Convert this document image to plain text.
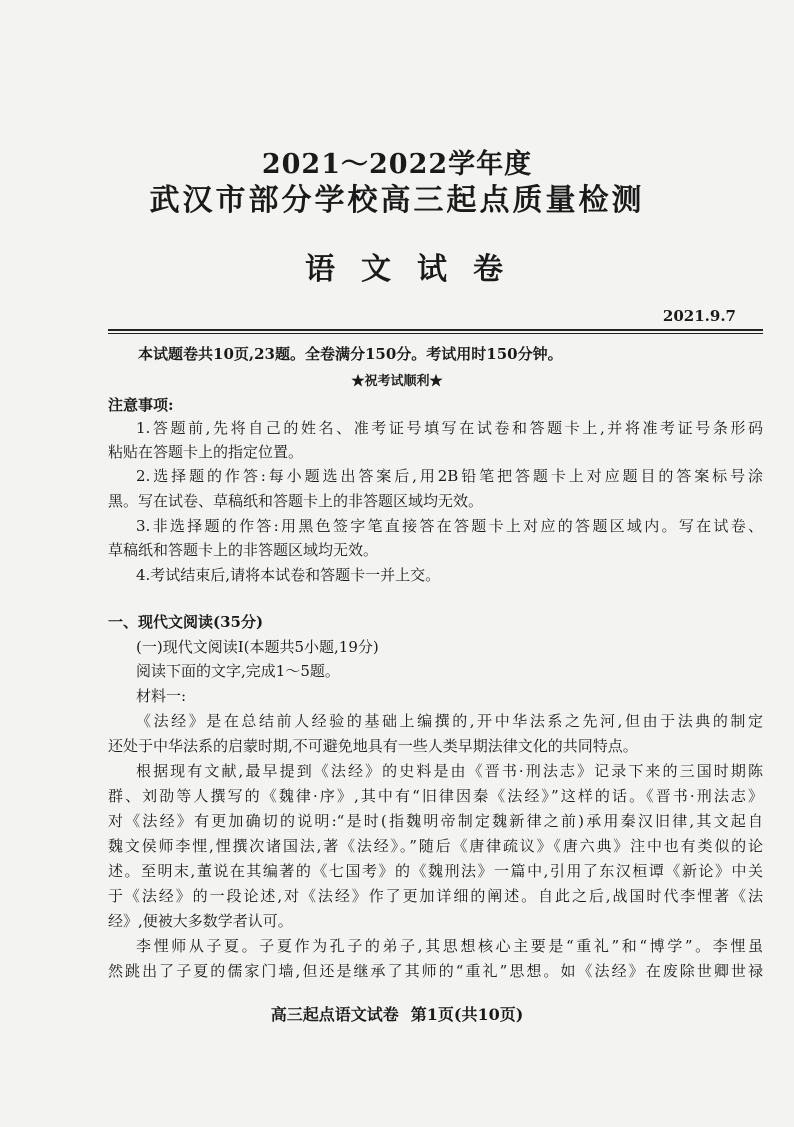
2021～2022学年度
武汉市部分学校高三起点质量检测
语文试卷
2021.9.7
本试题卷共10页,23题。全卷满分150分。考试用时150分钟。
★祝考试顺利★
注意事项:
1.答题前,先将自己的姓名、准考证号填写在试卷和答题卡上,并将准考证号条形码
粘贴在答题卡上的指定位置。
2.选择题的作答:每小题选出答案后,用2B铅笔把答题卡上对应题目的答案标号涂
黑。写在试卷、草稿纸和答题卡上的非答题区域均无效。
3.非选择题的作答:用黑色签字笔直接答在答题卡上对应的答题区域内。写在试卷、
草稿纸和答题卡上的非答题区域均无效。
4.考试结束后,请将本试卷和答题卡一并上交。
一、现代文阅读(35分)
(一)现代文阅读Ⅰ(本题共5小题,19分)
阅读下面的文字,完成1～5题。
材料一:
《法经》是在总结前人经验的基础上编撰的,开中华法系之先河,但由于法典的制定
还处于中华法系的启蒙时期,不可避免地具有一些人类早期法律文化的共同特点。
根据现有文献,最早提到《法经》的史料是由《晋书·刑法志》记录下来的三国时期陈
群、刘劭等人撰写的《魏律·序》,其中有“旧律因秦《法经》”这样的话。《晋书·刑法志》
对《法经》有更加确切的说明:“是时(指魏明帝制定魏新律之前)承用秦汉旧律,其文起自
魏文侯师李悝,悝撰次诸国法,著《法经》。”随后《唐律疏议》《唐六典》注中也有类似的论
述。至明末,董说在其编著的《七国考》的《魏刑法》一篇中,引用了东汉桓谭《新论》中关
于《法经》的一段论述,对《法经》作了更加详细的阐述。自此之后,战国时代李悝著《法
经》,便被大多数学者认可。
李悝师从子夏。子夏作为孔子的弟子,其思想核心主要是“重礼”和“博学”。李悝虽
然跳出了子夏的儒家门墙,但还是继承了其师的“重礼”思想。如《法经》在废除世卿世禄
高三起点语文试卷 第1页(共10页)
